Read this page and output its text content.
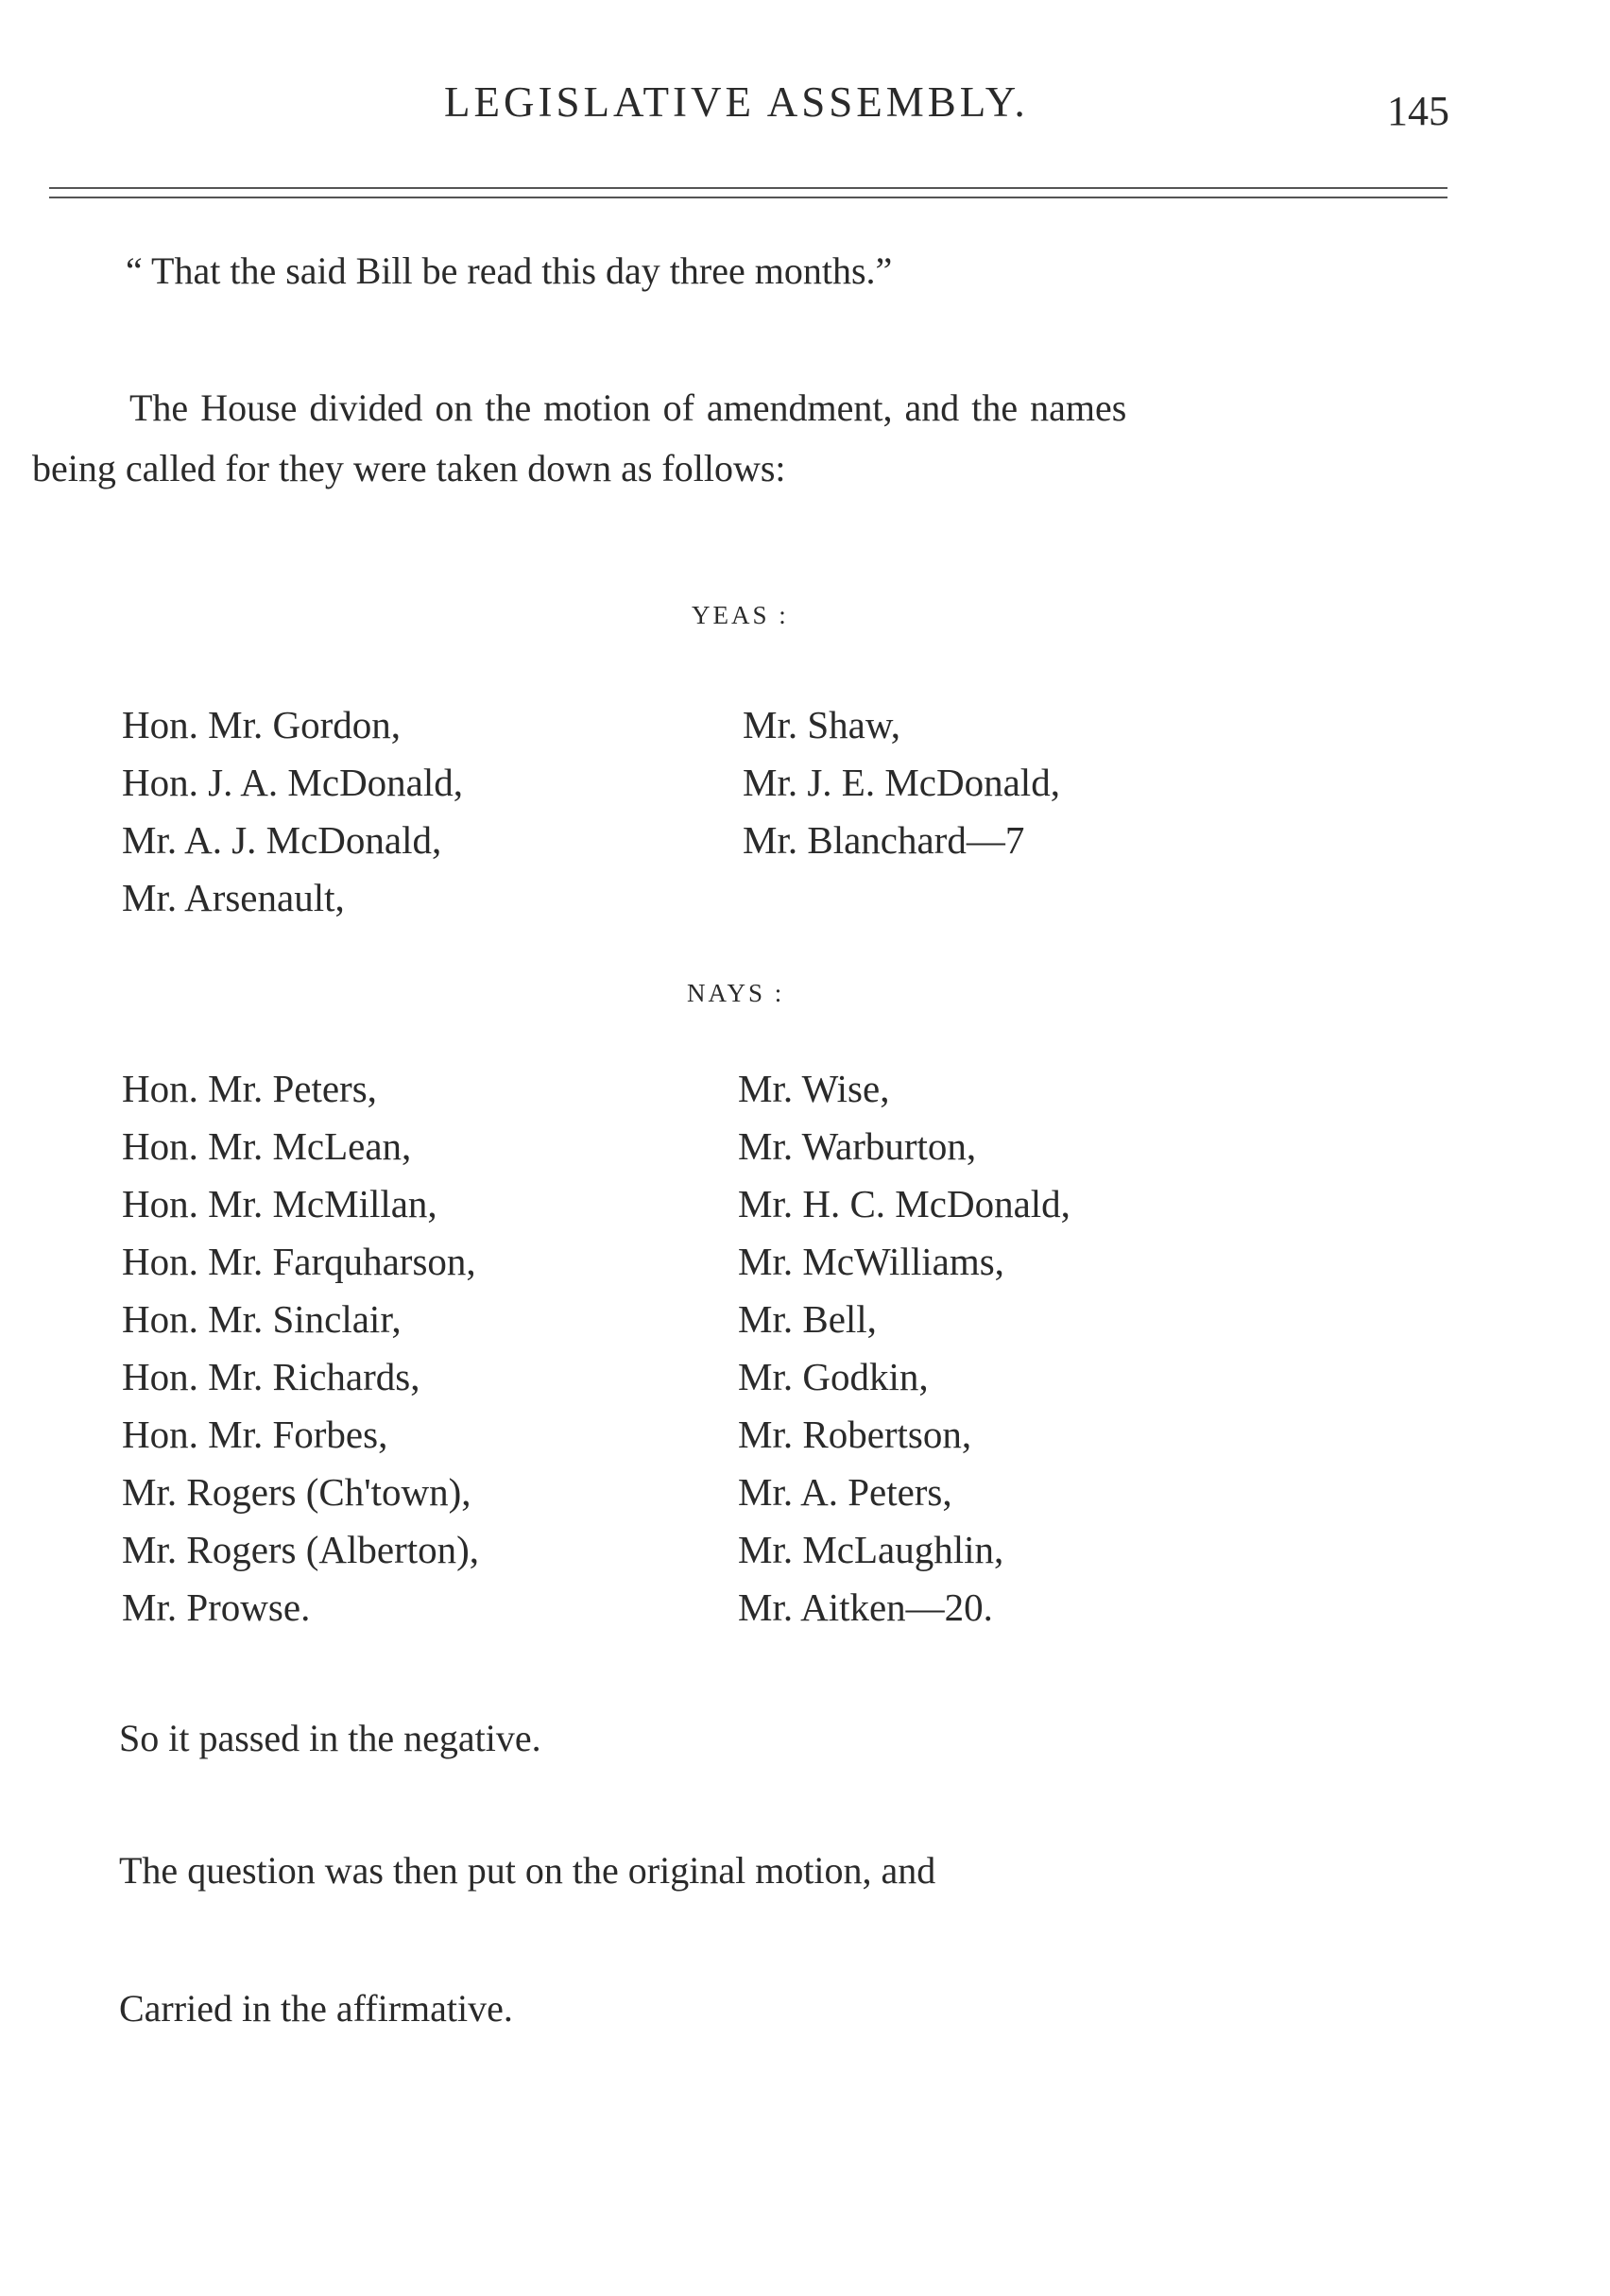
LEGISLATIVE ASSEMBLY.	145
“ That the said Bill be read this day three months.”
The House divided on the motion of amendment, and the names
being called for they were taken down as follows:
YEAS :
Hon. Mr. Gordon,
Hon. J. A. McDonald,
Mr. A. J. McDonald,
Mr. Arsenault,
Mr. Shaw,
Mr. J. E. McDonald,
Mr. Blanchard—7
NAYS :
Hon. Mr. Peters,
Hon. Mr. McLean,
Hon. Mr. McMillan,
Hon. Mr. Farquharson,
Hon. Mr. Sinclair,
Hon. Mr. Richards,
Hon. Mr. Forbes,
Mr. Rogers (Ch'town),
Mr. Rogers (Alberton),
Mr. Prowse.
Mr. Wise,
Mr. Warburton,
Mr. H. C. McDonald,
Mr. McWilliams,
Mr. Bell,
Mr. Godkin,
Mr. Robertson,
Mr. A. Peters,
Mr. McLaughlin,
Mr. Aitken—20.
So it passed in the negative.
The question was then put on the original motion, and
Carried in the affirmative.
